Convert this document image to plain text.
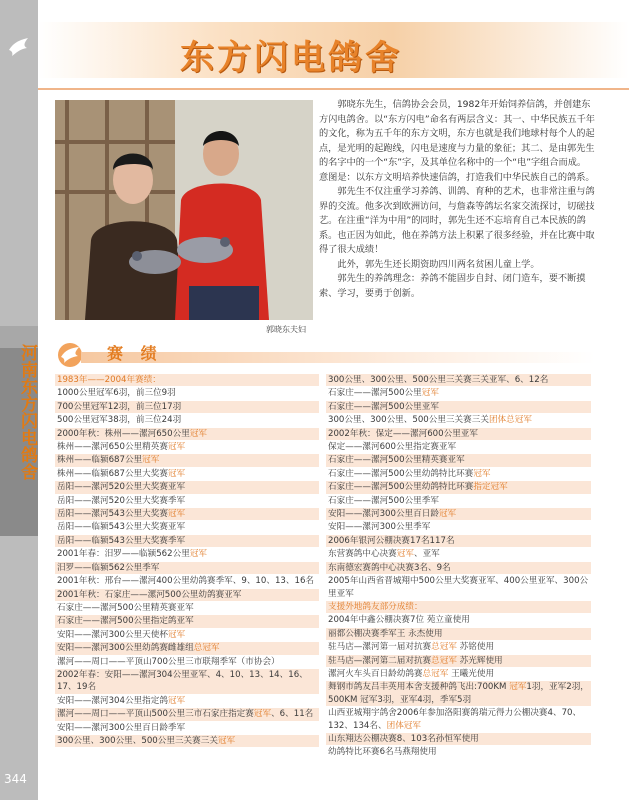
河南东方闪电鸽舍
344
东方闪电鸽舍
郭晓东夫妇

郭晓东先生，信鸽协会会员，1982年开始饲养信鸽，并创建东方闪电鸽舍。以“东方闪电”命名有两层含义：其一、中华民族五千年的文化，称为五千年的东方文明，东方也就是我们地球村每个人的起点，是光明的起跑线，闪电是速度与力量的象征；其二、是由郭先生的名字中的一个“东”字，及其单位名称中的一个“电”字组合而成。意图是：以东方文明培养快速信鸽，打造我们中华民族自己的鸽系。

郭先生不仅注重学习养鸽、训鸽、育种的艺术，也非常注重与鸽界的交流。他多次到欧洲访问，与詹森等鸽坛名家交流探讨，切磋技艺。在注重“洋为中用”的同时，郭先生还不忘培育自己本民族的鸽系。也正因为如此，他在养鸽方法上积累了很多经验，并在比赛中取得了很大成绩！

此外，郭先生还长期资助四川两名贫困儿童上学。

郭先生的养鸽理念：养鸽不能固步自封、闭门造车，要不断摸索、学习，要勇于创新。

赛 绩
1983年——2004年赛绩：
1000公里冠军6羽，前三位9羽
700公里冠军12羽，前三位17羽
500公里冠军38羽，前三位24羽
2000年秋：株州——漯河650公里冠军
株州——漯河650公里精英赛冠军
株州——临颍687公里冠军
株州——临颍687公里大奖赛冠军
岳阳——漯河520公里大奖赛亚军
岳阳——漯河520公里大奖赛季军
岳阳——漯河543公里大奖赛冠军
岳阳——临颍543公里大奖赛亚军
岳阳——临颍543公里大奖赛季军
2001年春：汨罗——临颍562公里冠军
汨罗——临颍562公里季军
2001年秋：邢台——漯河400公里幼鸽赛季军、9、10、13、16名
2001年秋：石家庄——漯河500公里幼鸽赛亚军
石家庄——漯河500公里精英赛亚军
石家庄——漯河500公里指定鸽亚军
安阳——漯河300公里天使杯冠军
安阳——漯河300公里幼鸽赛雌雄组总冠军
漯河——周口——平顶山700公里三市联翔季军（市协会）
2002年春：安阳——漯河304公里亚军、4、10、13、14、16、17、19名
安阳——漯河304公里指定鸽冠军
漯河——周口——平顶山500公里三市石家庄指定赛冠军、6、11名
安阳——漯河300公里百日龄季军
300公里、300公里、500公里三关赛三关冠军
300公里、300公里、500公里三关赛三关亚军、6、12名
石家庄——漯河500公里冠军
石家庄——漯河500公里亚军
300公里、300公里、500公里三关赛三关团体总冠军
2002年秋：保定——漯河600公里亚军
保定——漯河600公里指定赛亚军
石家庄——漯河500公里精英赛亚军
石家庄——漯河500公里幼鸽特比环赛冠军
石家庄——漯河500公里幼鸽特比环赛指定冠军
石家庄——漯河500公里季军
安阳——漯河300公里百日龄冠军
安阳——漯河300公里季军
2006年银河公棚决赛17名117名
东营赛鸽中心决赛冠军、亚军
东南德宏赛鸽中心决赛3名、9名
2005年山西省晋城翔中500公里大奖赛亚军、400公里亚军、300公里亚军
支援外地鸽友部分成绩：
2004年中鑫公棚决赛7位 苑立童使用
丽都公棚决赛季军王 永杰使用
驻马店—漯河第一届对抗赛总冠军 苏铭使用
驻马店—漯河第二届对抗赛总冠军 苏光辉使用
漯河火车头百日龄幼鸽赛总冠军 王曦光使用
舞钢市鸽友吕丰英用本舍支援种鸽飞出:700KM 冠军1羽，亚军2羽，500KM 冠军3羽，亚军4羽，季军5羽
山西亚城翔宇鸽舍2006年参加洛阳赛鸽瑞元得力公棚决赛4、70、132、134名、团体冠军
山东翔达公棚决赛8、103名孙恒军使用
幼鸽特比环赛6名马燕翔使用
